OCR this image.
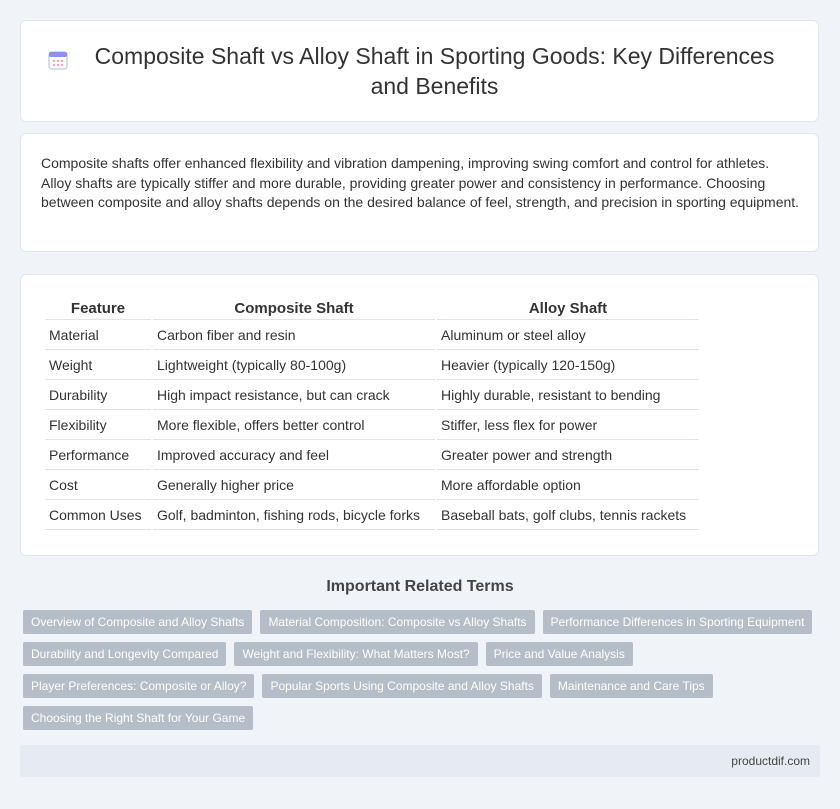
Composite Shaft vs Alloy Shaft in Sporting Goods: Key Differences and Benefits

Composite shafts offer enhanced flexibility and vibration dampening, improving swing comfort and control for athletes. Alloy shafts are typically stiffer and more durable, providing greater power and consistency in performance. Choosing between composite and alloy shafts depends on the desired balance of feel, strength, and precision in sporting equipment.

Feature	Composite Shaft	Alloy Shaft
Material	Carbon fiber and resin	Aluminum or steel alloy
Weight	Lightweight (typically 80-100g)	Heavier (typically 120-150g)
Durability	High impact resistance, but can crack	Highly durable, resistant to bending
Flexibility	More flexible, offers better control	Stiffer, less flex for power
Performance	Improved accuracy and feel	Greater power and strength
Cost	Generally higher price	More affordable option
Common Uses	Golf, badminton, fishing rods, bicycle forks	Baseball bats, golf clubs, tennis rackets
Important Related Terms
Overview of Composite and Alloy Shafts	Material Composition: Composite vs Alloy Shafts	Performance Differences in Sporting Equipment
Durability and Longevity Compared	Weight and Flexibility: What Matters Most?	Price and Value Analysis
Player Preferences: Composite or Alloy?	Popular Sports Using Composite and Alloy Shafts	Maintenance and Care Tips
Choosing the Right Shaft for Your Game
productdif.com
